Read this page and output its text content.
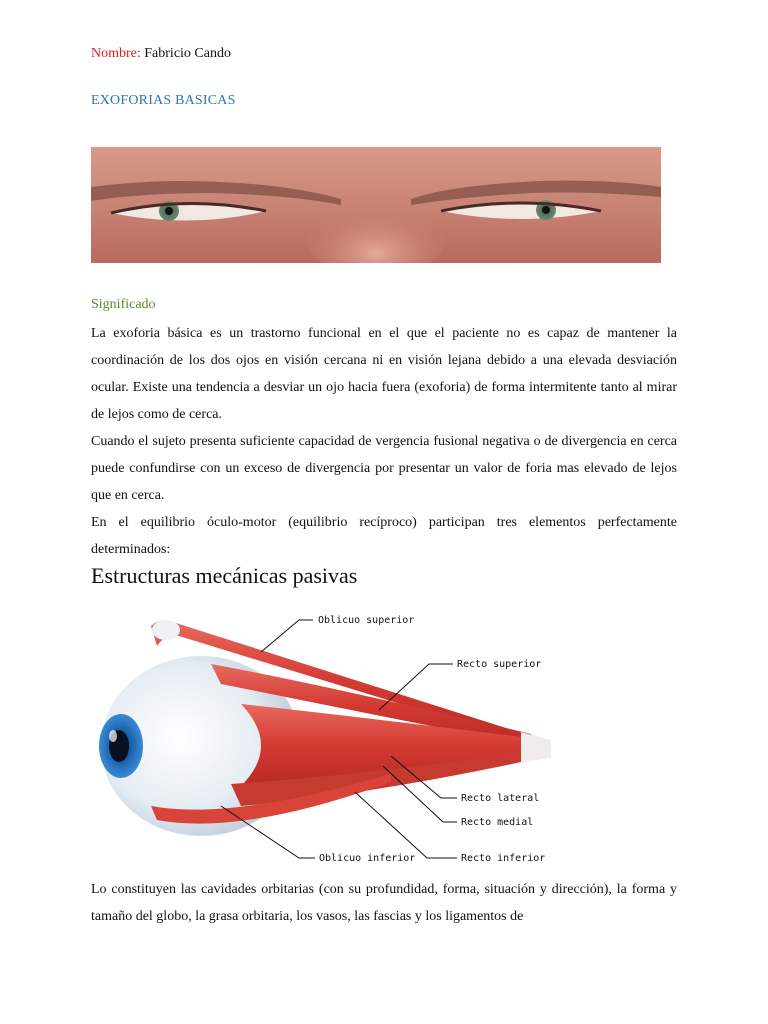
Nombre: Fabricio Cando
EXOFORIAS BASICAS
Significado

La exoforia básica es un trastorno funcional en el que el paciente no es capaz de mantener la coordinación de los dos ojos en visión cercana ni en visión lejana debido a una elevada desviación ocular. Existe una tendencia a desviar un ojo hacia fuera (exoforia) de forma intermitente tanto al mirar de lejos como de cerca.

Cuando el sujeto presenta suficiente capacidad de vergencia fusional negativa o de divergencia en cerca puede confundirse con un exceso de divergencia por presentar un valor de foria mas elevado de lejos que en cerca.

En el equilibrio óculo-motor (equilibrio recíproco) participan tres elementos perfectamente determinados:

Estructuras mecánicas pasivas
Oblicuo superior
Recto superior
Recto lateral
Recto medial
Oblicuo inferior	Recto inferior

Lo constituyen las cavidades orbitarias (con su profundidad, forma, situación y dirección), la forma y tamaño del globo, la grasa orbitaria, los vasos, las fascias y los ligamentos de
